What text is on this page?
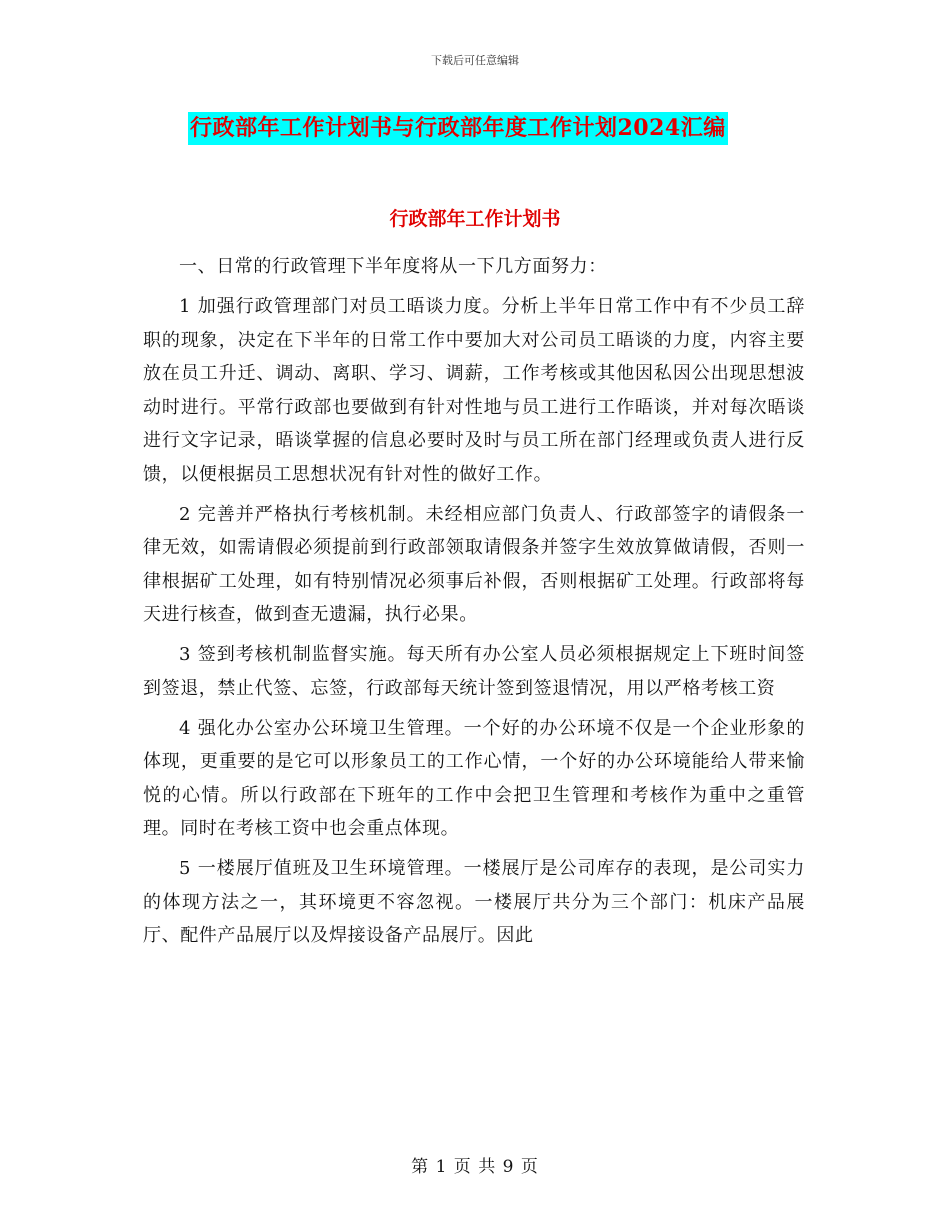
下载后可任意编辑
行政部年工作计划书与行政部年度工作计划2024汇编
行政部年工作计划书

一、日常的行政管理下半年度将从一下几方面努力：

1 加强行政管理部门对员工晤谈力度。分析上半年日常工作中有不少员工辞职的现象，决定在下半年的日常工作中要加大对公司员工晤谈的力度，内容主要放在员工升迁、调动、离职、学习、调薪，工作考核或其他因私因公出现思想波动时进行。平常行政部也要做到有针对性地与员工进行工作晤谈，并对每次晤谈进行文字记录，晤谈掌握的信息必要时及时与员工所在部门经理或负责人进行反馈，以便根据员工思想状况有针对性的做好工作。

2 完善并严格执行考核机制。未经相应部门负责人、行政部签字的请假条一律无效，如需请假必须提前到行政部领取请假条并签字生效放算做请假，否则一律根据矿工处理，如有特别情况必须事后补假，否则根据矿工处理。行政部将每天进行核查，做到查无遗漏，执行必果。

3 签到考核机制监督实施。每天所有办公室人员必须根据规定上下班时间签到签退，禁止代签、忘签，行政部每天统计签到签退情况，用以严格考核工资

4 强化办公室办公环境卫生管理。一个好的办公环境不仅是一个企业形象的体现，更重要的是它可以形象员工的工作心情，一个好的办公环境能给人带来愉悦的心情。所以行政部在下班年的工作中会把卫生管理和考核作为重中之重管理。同时在考核工资中也会重点体现。

5 一楼展厅值班及卫生环境管理。一楼展厅是公司库存的表现，是公司实力的体现方法之一，其环境更不容忽视。一楼展厅共分为三个部门：机床产品展厅、配件产品展厅以及焊接设备产品展厅。因此

第 1 页 共 9 页
